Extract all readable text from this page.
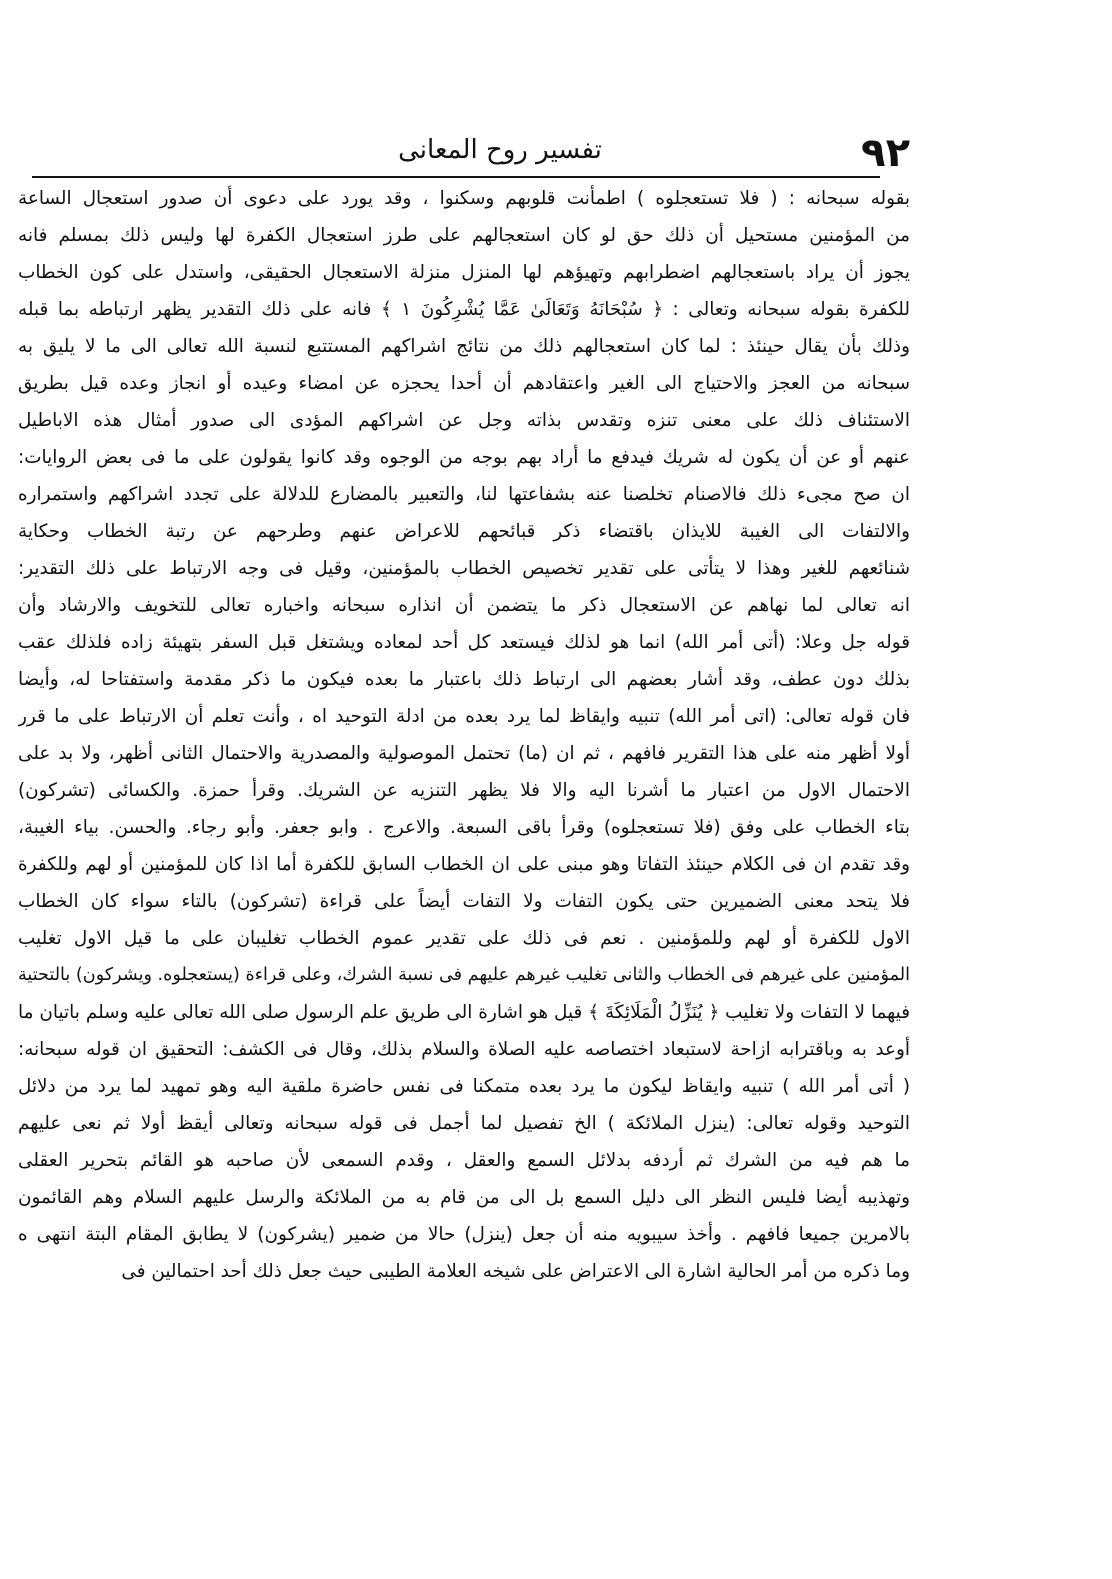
٩٢
تفسير روح المعانى
بقوله سبحانه : ( فلا تستعجلوه ) اطمأنت قلوبهم وسكنوا ، وقد يورد على دعوى أن صدور استعجال الساعة
من المؤمنين مستحيل أن ذلك حق لو كان استعجالهم على طرز استعجال الكفرة لها وليس ذلك بمسلم فانه
يجوز أن يراد باستعجالهم اضطرابهم وتهيؤهم لها المنزل منزلة الاستعجال الحقيقى، واستدل على كون الخطاب
للكفرة بقوله سبحانه وتعالى : ﴿ سُبْحَانَهُ وَتَعَالَىٰ عَمَّا يُشْرِكُونَ ١ ﴾ فانه على ذلك التقدير يظهر ارتباطه بما قبله
وذلك بأن يقال حينئذ : لما كان استعجالهم ذلك من نتائج اشراكهم المستتبع لنسبة الله تعالى الى ما لا يليق به
سبحانه من العجز والاحتياج الى الغير واعتقادهم أن أحدا يحجزه عن امضاء وعيده أو انجاز وعده قيل بطريق
الاستئناف ذلك على معنى تنزه وتقدس بذاته وجل عن اشراكهم المؤدى الى صدور أمثال هذه الاباطيل
عنهم أو عن أن يكون له شريك فيدفع ما أراد بهم بوجه من الوجوه وقد كانوا يقولون على ما فى بعض الروايات:
ان صح مجىء ذلك فالاصنام تخلصنا عنه بشفاعتها لنا، والتعبير بالمضارع للدلالة على تجدد اشراكهم واستمراره
والالتفات الى الغيبة للايذان باقتضاء ذكر قبائحهم للاعراض عنهم وطرحهم عن رتبة الخطاب وحكاية
شنائعهم للغير وهذا لا يتأتى على تقدير تخصيص الخطاب بالمؤمنين، وقيل فى وجه الارتباط على ذلك التقدير:
انه تعالى لما نهاهم عن الاستعجال ذكر ما يتضمن أن انذاره سبحانه واخباره تعالى للتخويف والارشاد وأن
قوله جل وعلا: (أتى أمر الله) انما هو لذلك فيستعد كل أحد لمعاده ويشتغل قبل السفر بتهيئة زاده فلذلك عقب
بذلك دون عطف، وقد أشار بعضهم الى ارتباط ذلك باعتبار ما بعده فيكون ما ذكر مقدمة واستفتاحا له، وأيضا
فان قوله تعالى: (اتى أمر الله) تنبيه وايقاظ لما يرد بعده من ادلة التوحيد اه ، وأنت تعلم أن الارتباط على ما قرر
أولا أظهر منه على هذا التقرير فافهم ، ثم ان (ما) تحتمل الموصولية والمصدرية والاحتمال الثانى أظهر، ولا بد على
الاحتمال الاول من اعتبار ما أشرنا اليه والا فلا يظهر التنزيه عن الشريك. وقرأ حمزة. والكسائى (تشركون)
بتاء الخطاب على وفق (فلا تستعجلوه) وقرأ باقى السبعة. والاعرج . وابو جعفر. وأبو رجاء. والحسن. بياء الغيبة،
وقد تقدم ان فى الكلام حينئذ التفاتا وهو مبنى على ان الخطاب السابق للكفرة أما اذا كان للمؤمنين أو لهم وللكفرة
فلا يتحد معنى الضميرين حتى يكون التفات ولا التفات أيضاً على قراءة (تشركون) بالتاء سواء كان الخطاب
الاول للكفرة أو لهم وللمؤمنين . نعم فى ذلك على تقدير عموم الخطاب تغليبان على ما قيل الاول تغليب
المؤمنين على غيرهم فى الخطاب والثانى تغليب غيرهم عليهم فى نسبة الشرك، وعلى قراءة (يستعجلوه. ويشركون) بالتحتية
فيهما لا التفات ولا تغليب ﴿ يُنَزِّلُ الْمَلَائِكَةَ ﴾ قيل هو اشارة الى طريق علم الرسول صلى الله تعالى عليه وسلم باتيان ما
أوعد به وباقترابه ازاحة لاستبعاد اختصاصه عليه الصلاة والسلام بذلك، وقال فى الكشف: التحقيق ان قوله سبحانه:
( أتى أمر الله ) تنبيه وايقاظ ليكون ما يرد بعده متمكنا فى نفس حاضرة ملقية اليه وهو تمهيد لما يرد من دلائل
التوحيد وقوله تعالى: (ينزل الملائكة ) الخ تفصيل لما أجمل فى قوله سبحانه وتعالى أيقظ أولا ثم نعى عليهم
ما هم فيه من الشرك ثم أردفه بدلائل السمع والعقل ، وقدم السمعى لأن صاحبه هو القائم بتحرير العقلى
وتهذيبه أيضا فليس النظر الى دليل السمع بل الى من قام به من الملائكة والرسل عليهم السلام وهم القائمون
بالامرين جميعا فافهم . وأخذ سيبويه منه أن جعل (ينزل) حالا من ضمير (يشركون) لا يطابق المقام البتة انتهى ه
وما ذكره من أمر الحالية اشارة الى الاعتراض على شيخه العلامة الطيبى حيث جعل ذلك أحد احتمالين فى
